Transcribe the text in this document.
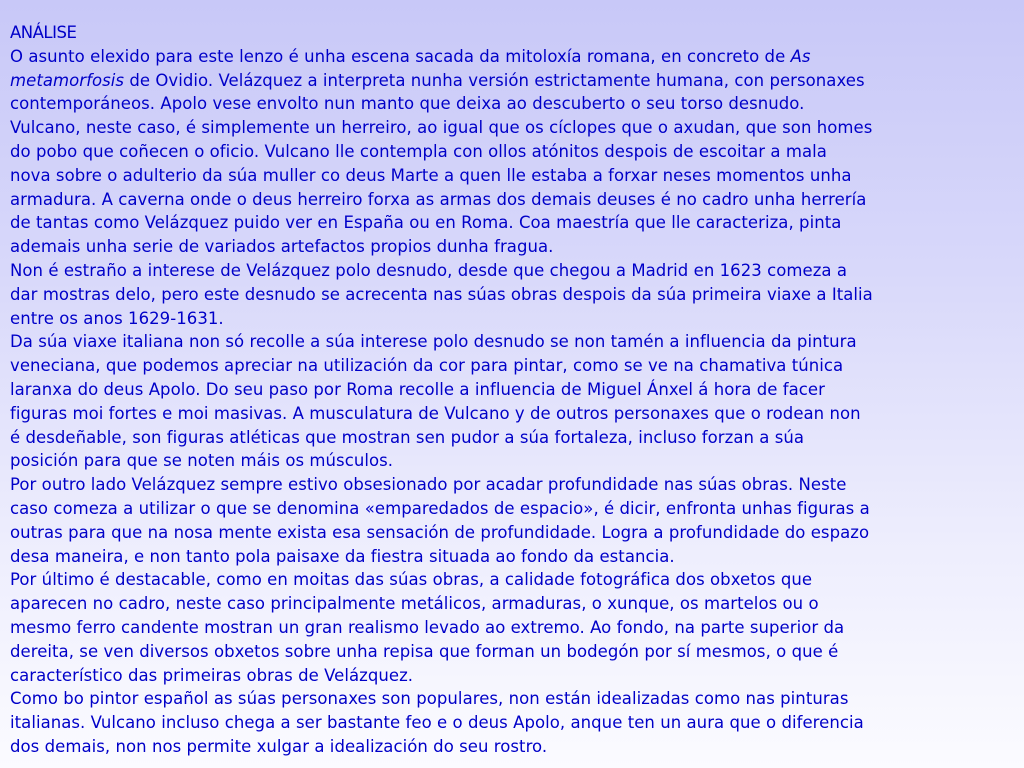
ANÁLISE
O asunto elexido para este lenzo é unha escena sacada da mitoloxía romana, en concreto de As
metamorfosis de Ovidio. Velázquez a interpreta nunha versión estrictamente humana, con personaxes
contemporáneos. Apolo vese envolto nun manto que deixa ao descuberto o seu torso desnudo.
Vulcano, neste caso, é simplemente un herreiro, ao igual que os cíclopes que o axudan, que son homes
do pobo que coñecen o oficio. Vulcano lle contempla con ollos atónitos despois de escoitar a mala
nova sobre o adulterio da súa muller co deus Marte a quen lle estaba a forxar neses momentos unha
armadura. A caverna onde o deus herreiro forxa as armas dos demais deuses é no cadro unha herrería
de tantas como Velázquez puido ver en España ou en Roma. Coa maestría que lle caracteriza, pinta
ademais unha serie de variados artefactos propios dunha fragua.
Non é estraño a interese de Velázquez polo desnudo, desde que chegou a Madrid en 1623 comeza a
dar mostras delo, pero este desnudo se acrecenta nas súas obras despois da súa primeira viaxe a Italia
entre os anos 1629-1631.
Da súa viaxe italiana non só recolle a súa interese polo desnudo se non tamén a influencia da pintura
veneciana, que podemos apreciar na utilización da cor para pintar, como se ve na chamativa túnica
laranxa do deus Apolo. Do seu paso por Roma recolle a influencia de Miguel Ánxel á hora de facer
figuras moi fortes e moi masivas. A musculatura de Vulcano y de outros personaxes que o rodean non
é desdeñable, son figuras atléticas que mostran sen pudor a súa fortaleza, incluso forzan a súa
posición para que se noten máis os músculos.
Por outro lado Velázquez sempre estivo obsesionado por acadar profundidade nas súas obras. Neste
caso comeza a utilizar o que se denomina «emparedados de espacio», é dicir, enfronta unhas figuras a
outras para que na nosa mente exista esa sensación de profundidade. Logra a profundidade do espazo
desa maneira, e non tanto pola paisaxe da fiestra situada ao fondo da estancia.
Por último é destacable, como en moitas das súas obras, a calidade fotográfica dos obxetos que
aparecen no cadro, neste caso principalmente metálicos, armaduras, o xunque, os martelos ou o
mesmo ferro candente mostran un gran realismo levado ao extremo. Ao fondo, na parte superior da
dereita, se ven diversos obxetos sobre unha repisa que forman un bodegón por sí mesmos, o que é
característico das primeiras obras de Velázquez.
Como bo pintor español as súas personaxes son populares, non están idealizadas como nas pinturas
italianas. Vulcano incluso chega a ser bastante feo e o deus Apolo, anque ten un aura que o diferencia
dos demais, non nos permite xulgar a idealización do seu rostro.
